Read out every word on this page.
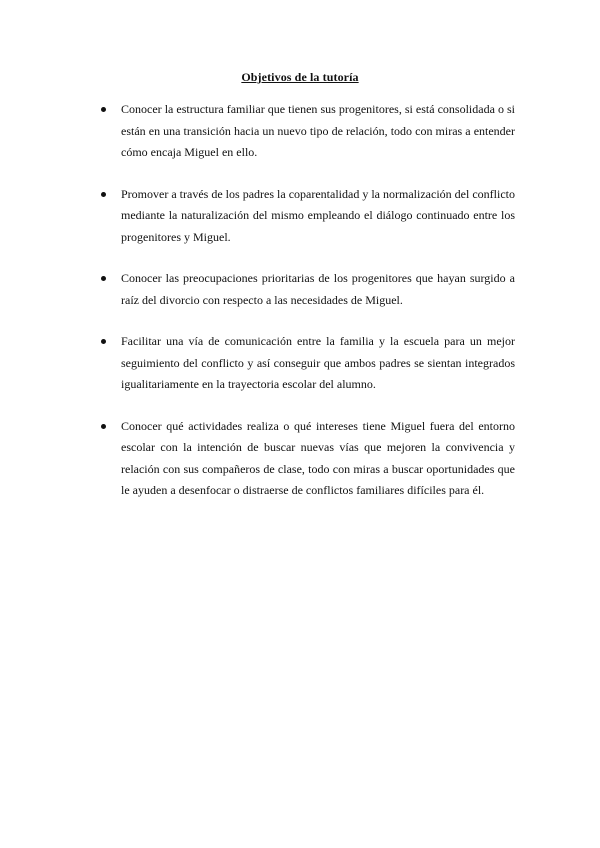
Objetivos de la tutoría
Conocer la estructura familiar que tienen sus progenitores, si está consolidada o si están en una transición hacia un nuevo tipo de relación, todo con miras a entender cómo encaja Miguel en ello.
Promover a través de los padres la coparentalidad y la normalización del conflicto mediante la naturalización del mismo empleando el diálogo continuado entre los progenitores y Miguel.
Conocer las preocupaciones prioritarias de los progenitores que hayan surgido a raíz del divorcio con respecto a las necesidades de Miguel.
Facilitar una vía de comunicación entre la familia y la escuela para un mejor seguimiento del conflicto y así conseguir que ambos padres se sientan integrados igualitariamente en la trayectoria escolar del alumno.
Conocer qué actividades realiza o qué intereses tiene Miguel fuera del entorno escolar con la intención de buscar nuevas vías que mejoren la convivencia y relación con sus compañeros de clase, todo con miras a buscar oportunidades que le ayuden a desenfocar o distraerse de conflictos familiares difíciles para él.
